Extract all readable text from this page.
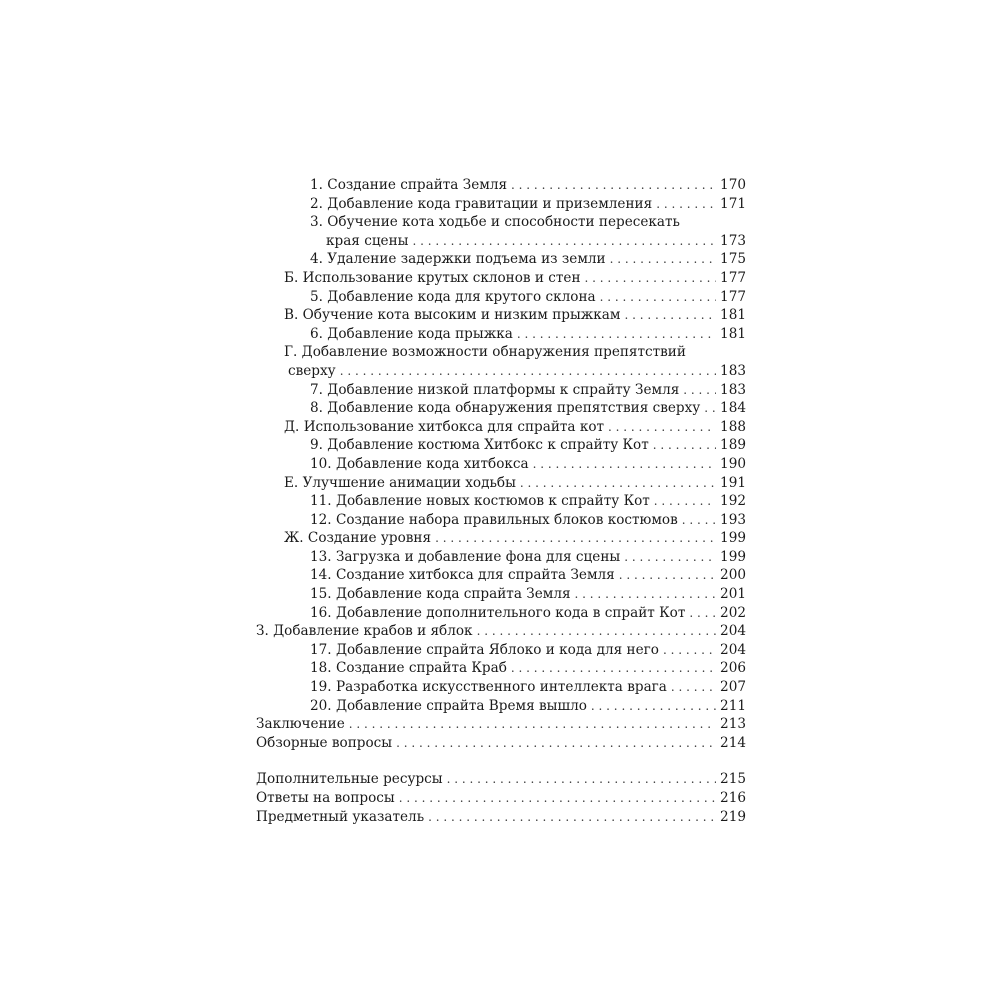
1. Создание спрайта Земля . . .	170
2. Добавление кода гравитации и приземления . . .	171
3. Обучение кота ходьбе и способности пересекать
края сцены . . .	173
4. Удаление задержки подъема из земли . . .	175
Б. Использование крутых склонов и стен . . .	177
5. Добавление кода для крутого склона . . .	177
В. Обучение кота высоким и низким прыжкам . . .	181
6. Добавление кода прыжка . . .	181
Г. Добавление возможности обнаружения препятствий
сверху . . .	183
7. Добавление низкой платформы к спрайту Земля . . .	183
8. Добавление кода обнаружения препятствия сверху . . . 184
Д. Использование хитбокса для спрайта кот . . .	188
9. Добавление костюма Хитбокс к спрайту Кот . . .	189
10. Добавление кода хитбокса . . .	190
Е. Улучшение анимации ходьбы . . .	191
11. Добавление новых костюмов к спрайту Кот . . .	192
12. Создание набора правильных блоков костюмов . . .	193
Ж. Создание уровня . . .	199
13. Загрузка и добавление фона для сцены . . .	199
14. Создание хитбокса для спрайта Земля . . .	200
15. Добавление кода спрайта Земля . . .	201
16. Добавление дополнительного кода в спрайт Кот . . .	202
З. Добавление крабов и яблок . . .	204
17. Добавление спрайта Яблоко и кода для него . . .	204
18. Создание спрайта Краб . . .	206
19. Разработка искусственного интеллекта врага . . .	207
20. Добавление спрайта Время вышло . . .	211
Заключение . . .	213
Обзорные вопросы . . .	214
Дополнительные ресурсы . . .	215
Ответы на вопросы . . .	216
Предметный указатель . . .	219
